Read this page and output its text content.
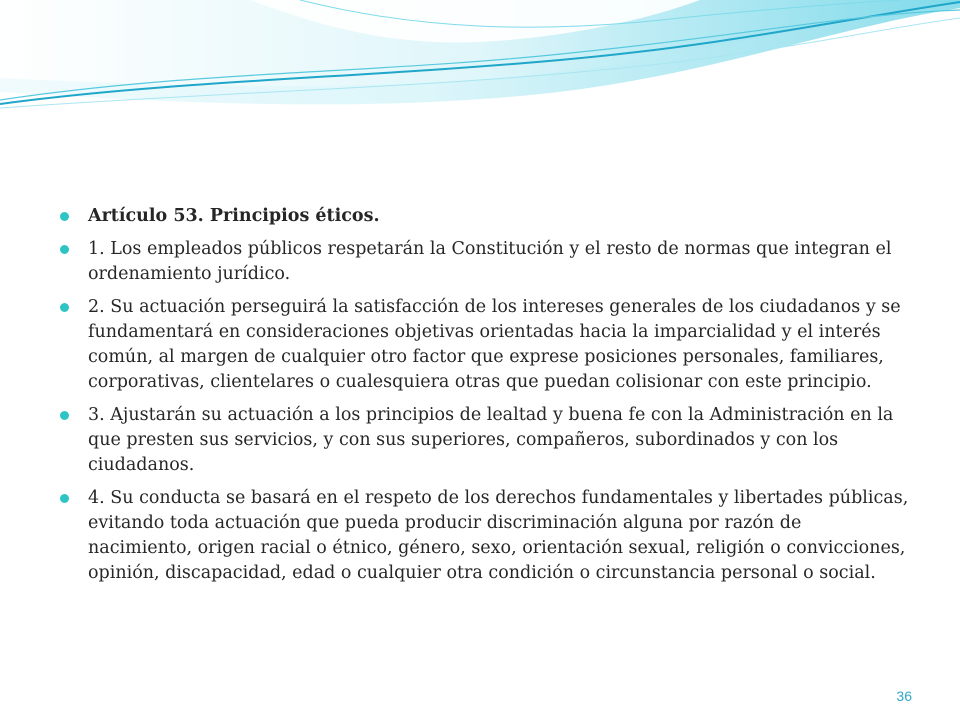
Artículo 53. Principios éticos.
1. Los empleados públicos respetarán la Constitución y el resto de normas que integran el ordenamiento jurídico.
2. Su actuación perseguirá la satisfacción de los intereses generales de los ciudadanos y se fundamentará en consideraciones objetivas orientadas hacia la imparcialidad y el interés común, al margen de cualquier otro factor que exprese posiciones personales, familiares, corporativas, clientelares o cualesquiera otras que puedan colisionar con este principio.
3. Ajustarán su actuación a los principios de lealtad y buena fe con la Administración en la que presten sus servicios, y con sus superiores, compañeros, subordinados y con los ciudadanos.
4. Su conducta se basará en el respeto de los derechos fundamentales y libertades públicas, evitando toda actuación que pueda producir discriminación alguna por razón de nacimiento, origen racial o étnico, género, sexo, orientación sexual, religión o convicciones, opinión, discapacidad, edad o cualquier otra condición o circunstancia personal o social.
36
